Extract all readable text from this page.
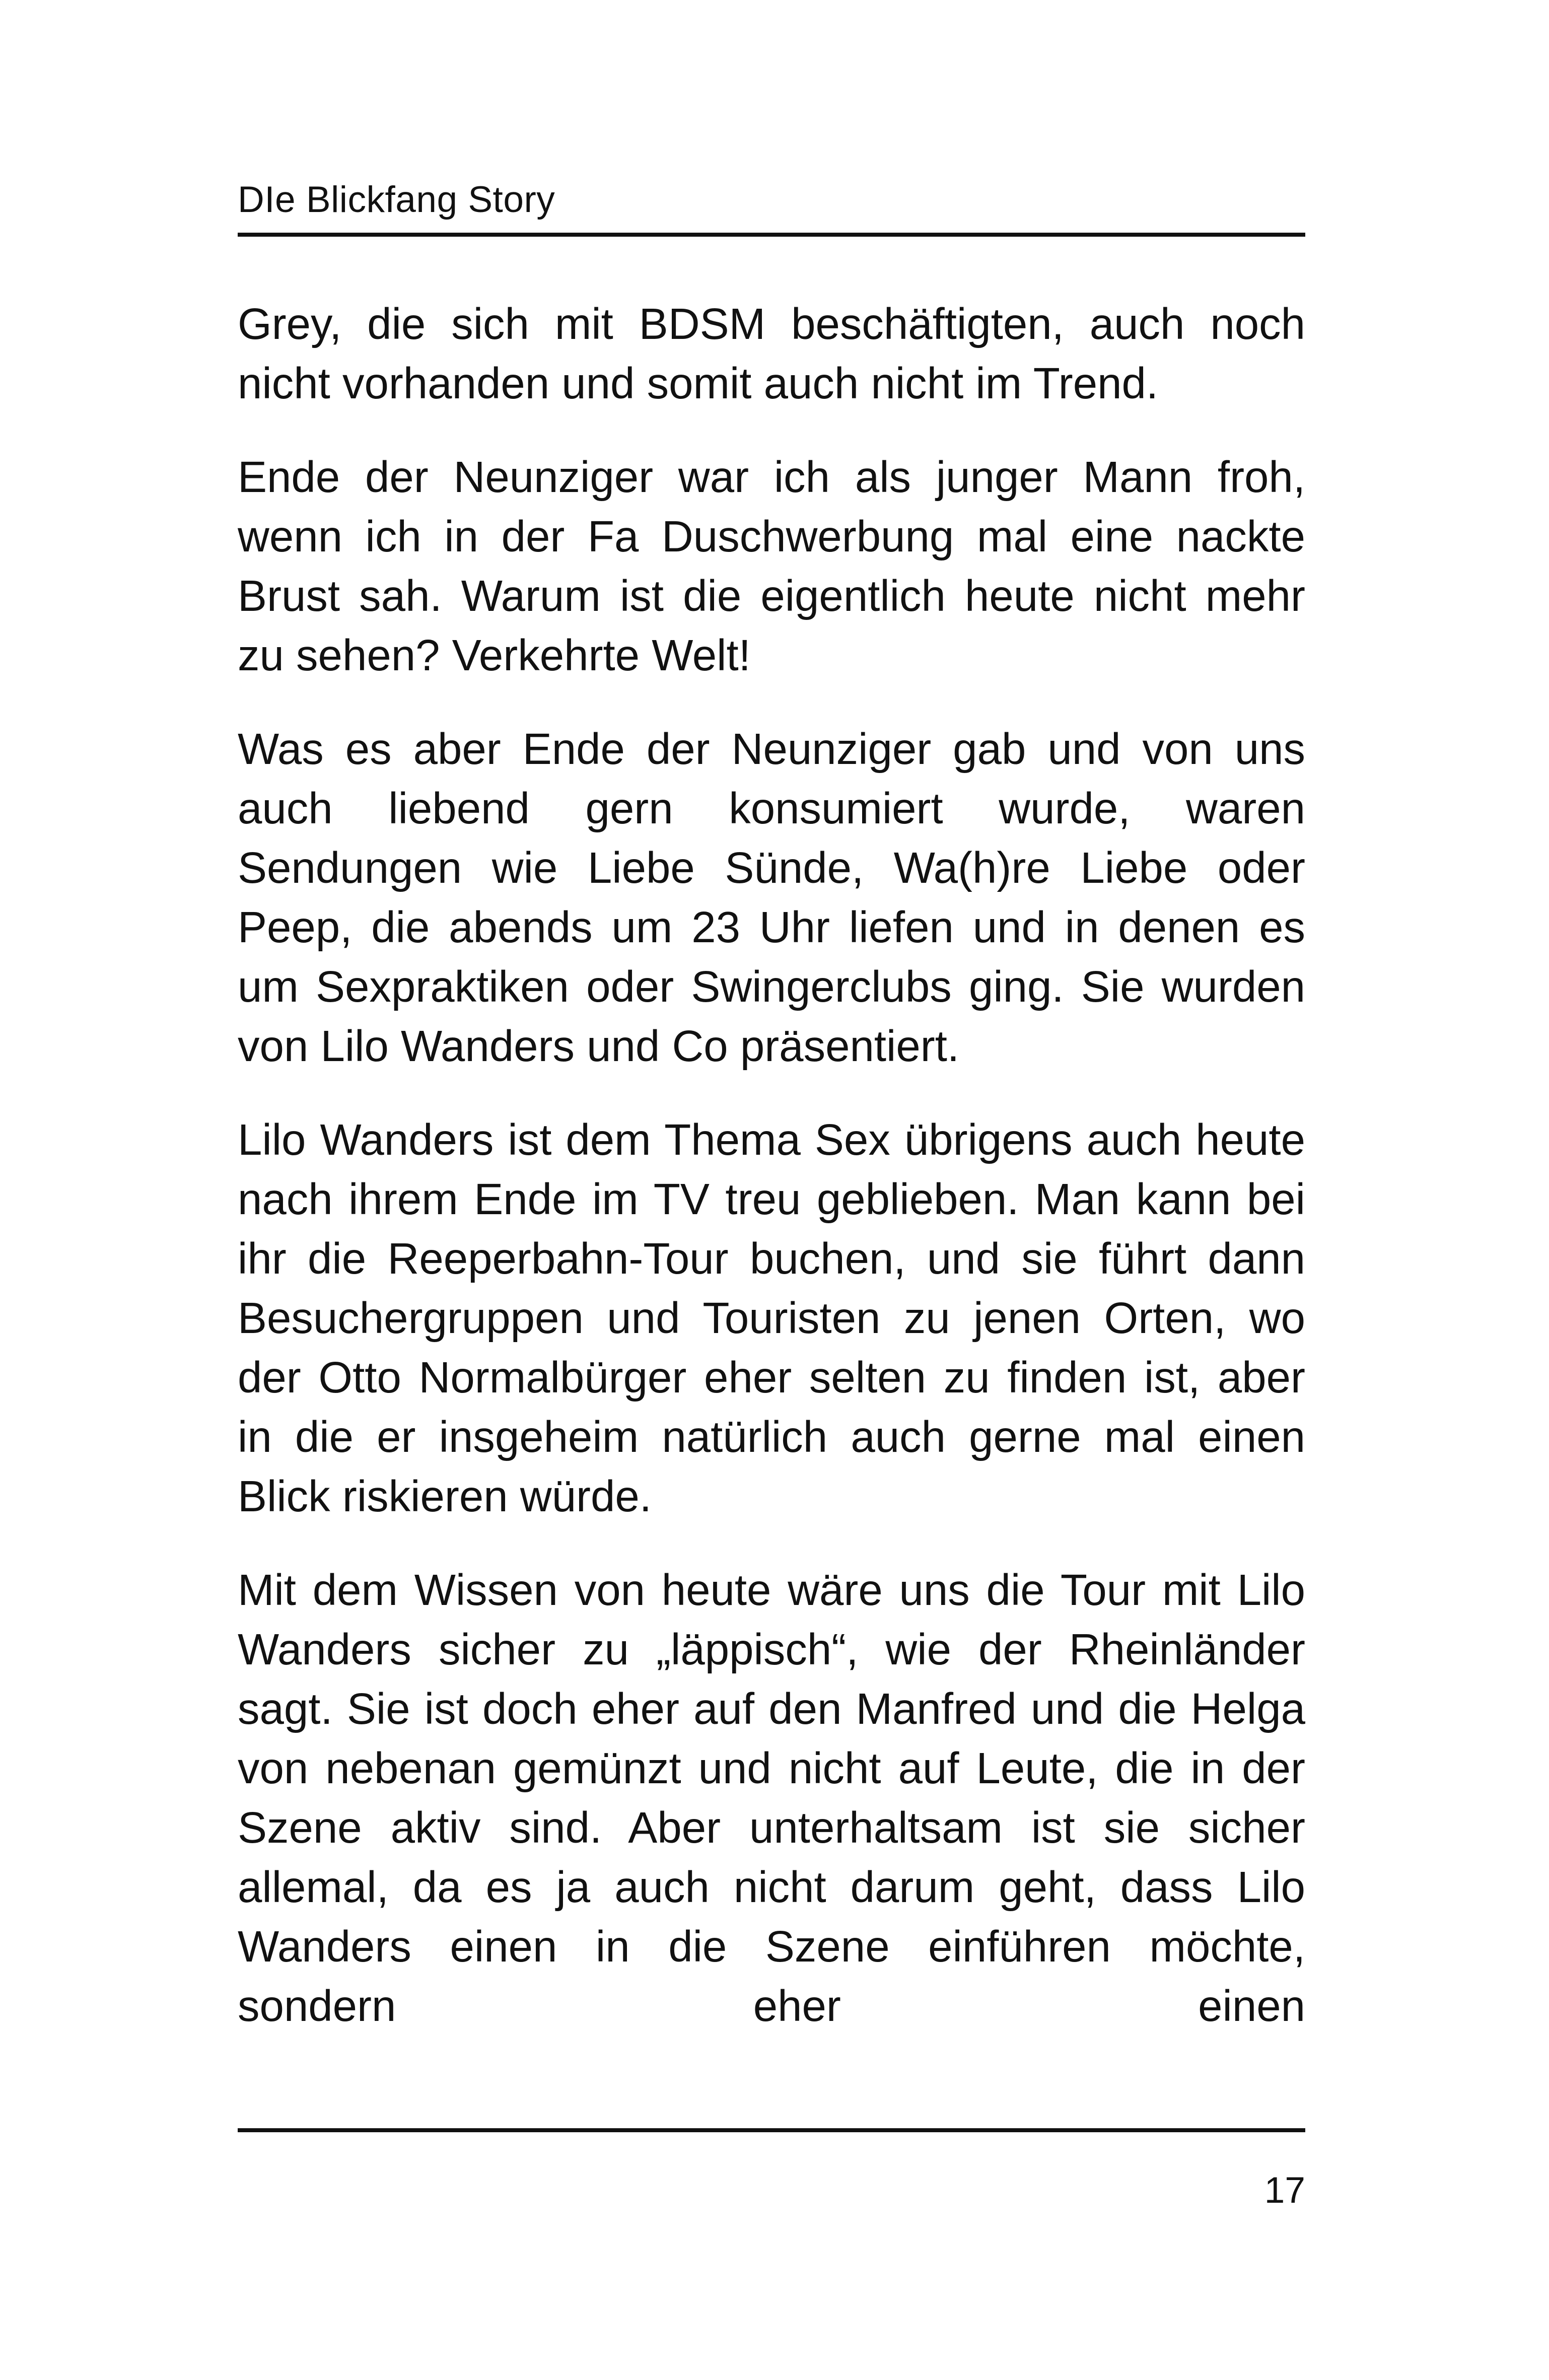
DIe Blickfang Story

Grey, die sich mit BDSM beschäftigten, auch noch nicht vorhanden und somit auch nicht im Trend.

Ende der Neunziger war ich als junger Mann froh, wenn ich in der Fa Duschwerbung mal eine nackte Brust sah. Warum ist die eigentlich heute nicht mehr zu sehen? Verkehrte Welt!

Was es aber Ende der Neunziger gab und von uns auch liebend gern konsumiert wurde, waren Sendungen wie Liebe Sünde, Wa(h)re Liebe oder Peep, die abends um 23 Uhr liefen und in denen es um Sexpraktiken oder Swingerclubs ging. Sie wurden von Lilo Wanders und Co präsentiert.

Lilo Wanders ist dem Thema Sex übrigens auch heute nach ihrem Ende im TV treu geblieben. Man kann bei ihr die Reeperbahn-Tour buchen, und sie führt dann Besuchergruppen und Touristen zu jenen Orten, wo der Otto Normalbürger eher selten zu finden ist, aber in die er insgeheim natürlich auch gerne mal einen Blick riskieren würde.

Mit dem Wissen von heute wäre uns die Tour mit Lilo Wanders sicher zu „läppisch“, wie der Rheinländer sagt. Sie ist doch eher auf den Manfred und die Helga von nebenan gemünzt und nicht auf Leute, die in der Szene aktiv sind. Aber unterhaltsam ist sie sicher allemal, da es ja auch nicht darum geht, dass Lilo Wanders einen in die Szene einführen möchte, sondern eher einen

17
